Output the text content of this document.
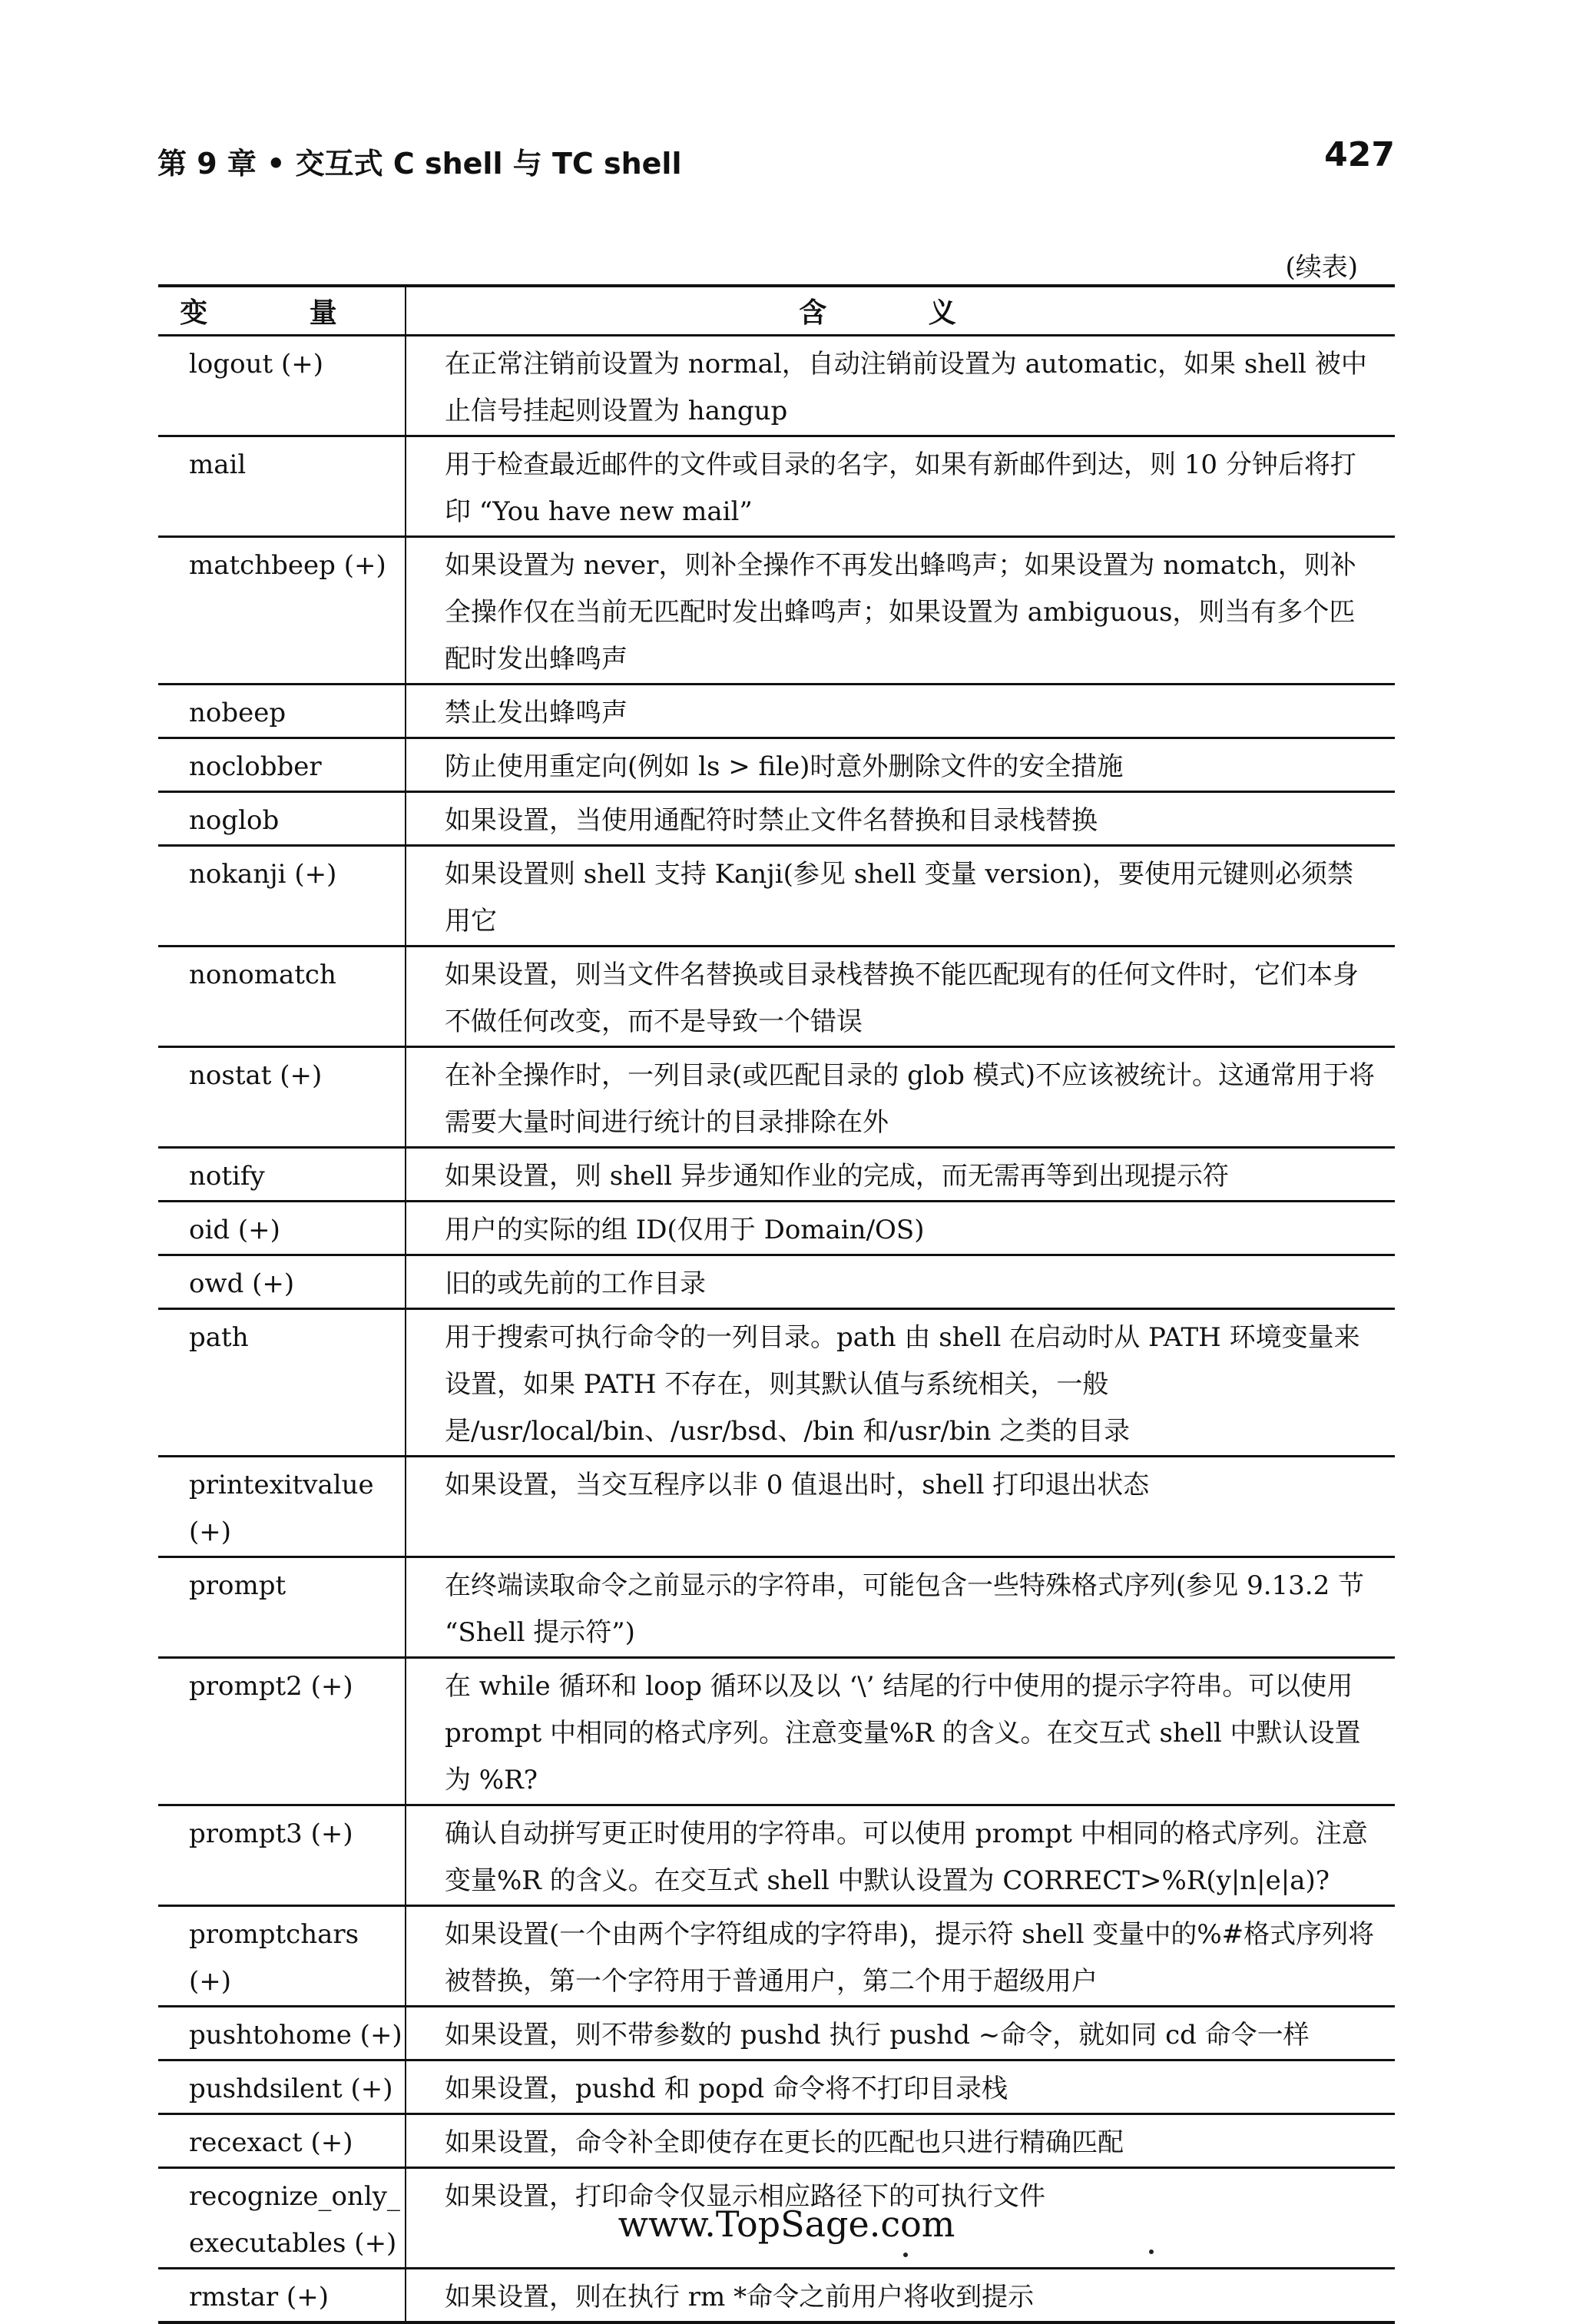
第 9 章 • 交互式 C shell 与 TC shell	427
(续表)
变 量	含 义
logout (+)	在正常注销前设置为 normal，自动注销前设置为 automatic，如果 shell 被中止信号挂起则设置为 hangup
mail	用于检查最近邮件的文件或目录的名字，如果有新邮件到达，则 10 分钟后将打印 “You have new mail”
matchbeep (+)	如果设置为 never，则补全操作不再发出蜂鸣声；如果设置为 nomatch，则补全操作仅在当前无匹配时发出蜂鸣声；如果设置为 ambiguous，则当有多个匹配时发出蜂鸣声
nobeep	禁止发出蜂鸣声
noclobber	防止使用重定向(例如 ls > file)时意外删除文件的安全措施
noglob	如果设置，当使用通配符时禁止文件名替换和目录栈替换
nokanji (+)	如果设置则 shell 支持 Kanji(参见 shell 变量 version)，要使用元键则必须禁用它
nonomatch	如果设置，则当文件名替换或目录栈替换不能匹配现有的任何文件时，它们本身不做任何改变，而不是导致一个错误
nostat (+)	在补全操作时，一列目录(或匹配目录的 glob 模式)不应该被统计。这通常用于将需要大量时间进行统计的目录排除在外
notify	如果设置，则 shell 异步通知作业的完成，而无需再等到出现提示符
oid (+)	用户的实际的组 ID(仅用于 Domain/OS)
owd (+)	旧的或先前的工作目录
path	用于搜索可执行命令的一列目录。path 由 shell 在启动时从 PATH 环境变量来设置，如果 PATH 不存在，则其默认值与系统相关，一般是/usr/local/bin、/usr/bsd、/bin 和/usr/bin 之类的目录
printexitvalue (+)	如果设置，当交互程序以非 0 值退出时，shell 打印退出状态
prompt	在终端读取命令之前显示的字符串，可能包含一些特殊格式序列(参见 9.13.2 节 “Shell 提示符”)
prompt2 (+)	在 while 循环和 loop 循环以及以 ‘\’ 结尾的行中使用的提示字符串。可以使用 prompt 中相同的格式序列。注意变量%R 的含义。在交互式 shell 中默认设置为 %R?
prompt3 (+)	确认自动拼写更正时使用的字符串。可以使用 prompt 中相同的格式序列。注意变量%R 的含义。在交互式 shell 中默认设置为 CORRECT>%R(y|n|e|a)?
promptchars (+)	如果设置(一个由两个字符组成的字符串)，提示符 shell 变量中的%#格式序列将被替换，第一个字符用于普通用户，第二个用于超级用户
pushtohome (+)	如果设置，则不带参数的 pushd 执行 pushd ~命令，就如同 cd 命令一样
pushdsilent (+)	如果设置，pushd 和 popd 命令将不打印目录栈
recexact (+)	如果设置，命令补全即使存在更长的匹配也只进行精确匹配
recognize_only_ executables (+)	如果设置，打印命令仅显示相应路径下的可执行文件
rmstar (+)	如果设置，则在执行 rm *命令之前用户将收到提示
www.TopSage.com
